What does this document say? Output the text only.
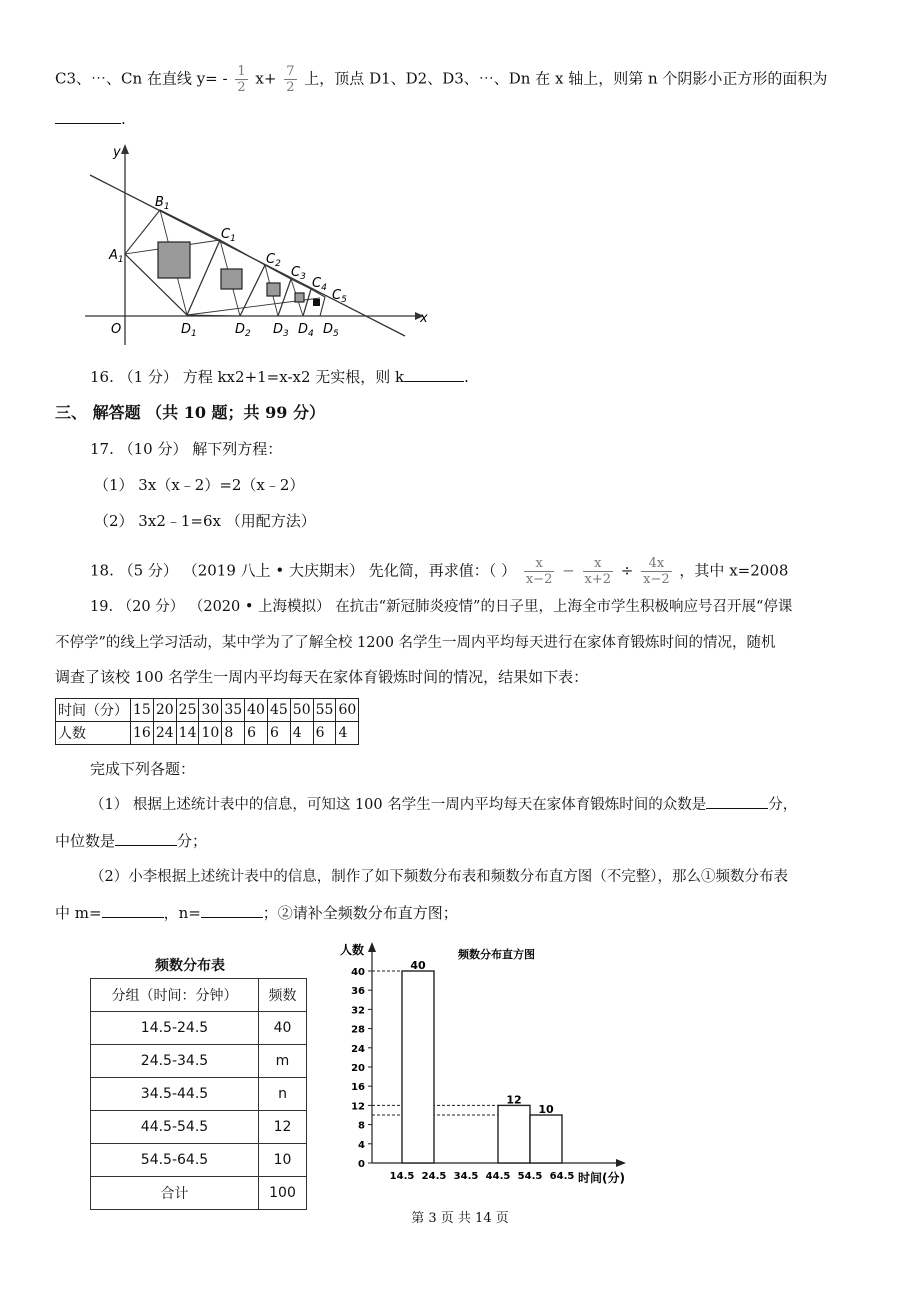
C3、⋯、Cn 在直线 $y= - \frac{1}{2} x+ \frac{7}{2}$ 上，顶点 D1、D2、D3、⋯、Dn 在 x 轴上，则第 n 个阴影小正方形的面积为
.
y
x
O
$A_1$
$B_1$
$C_1$
$C_2$
$C_3$ $C_4$ $C_5$
$D_1$	$D_2$ $D_3$ $D_4$ $D_5$
16. （1 分） 方程 kx2+1=x-x2 无实根，则 k	.
三、 解答题 （共 10 题；共 99 分）
17. （10 分） 解下列方程：
（1） 3x（x﹣2）=2（x﹣2）
（2） 3x2﹣1=6x （用配方法）
18. （5 分） （2019 八上 • 大庆期末） 先化简，再求值：（ ） $\frac{x}{x-2} - \frac{x}{x+2} \div \frac{4x}{x-2}$ ，其中 x=2008
19. （20 分） （2020 • 上海模拟） 在抗击“新冠肺炎疫情”的日子里，上海全市学生积极响应号召开展“停课
不停学”的线上学习活动，某中学为了了解全校 1200 名学生一周内平均每天进行在家体育锻炼时间的情况，随机
调查了该校 100 名学生一周内平均每天在家体育锻炼时间的情况，结果如下表：
时间（分）	15	20	25	30	35	40	45	50	55	60
人数	16	24	14	10	8	6	6	4	6	4
完成下列各题：
（1） 根据上述统计表中的信息，可知这 100 名学生一周内平均每天在家体育锻炼时间的众数是	分，
中位数是	分；
（2）小李根据上述统计表中的信息，制作了如下频数分布表和频数分布直方图（不完整），那么①频数分布表
中 m=	，n=	；②请补全频数分布直方图；
频数分布表
分组（时间：分钟）	频数
14.5-24.5	40
24.5-34.5	m
34.5-44.5	n
44.5-54.5	12
54.5-64.5	10
合计	100
人数	频数分布直方图
时间(分)
0
4
8
12
16
20
24
28
32
36
40
14.5 24.5 34.5 44.5 54.5 64.5
40
12
10
第 3 页 共 14 页
